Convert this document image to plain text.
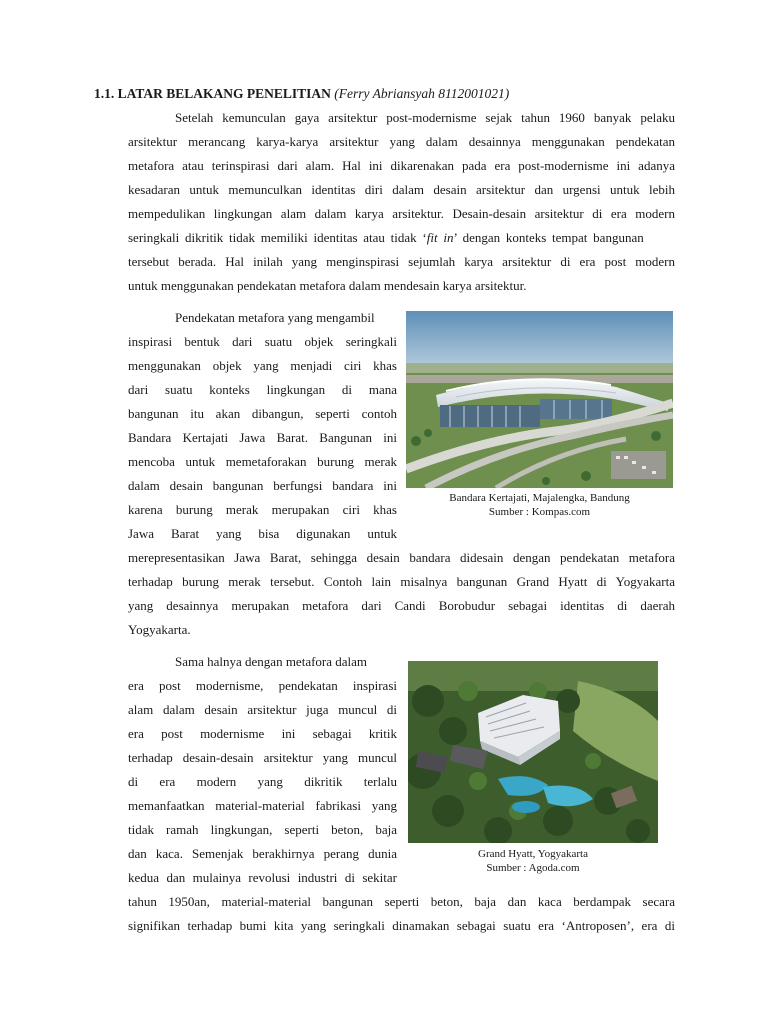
1.1. LATAR BELAKANG PENELITIAN (Ferry Abriansyah 8112001021)
Setelah kemunculan gaya arsitektur post-modernisme sejak tahun 1960 banyak pelaku
arsitektur merancang karya-karya arsitektur yang dalam desainnya menggunakan pendekatan
metafora atau terinspirasi dari alam. Hal ini dikarenakan pada era post-modernisme ini adanya
kesadaran untuk memunculkan identitas diri dalam desain arsitektur dan urgensi untuk lebih
mempedulikan lingkungan alam dalam karya arsitektur. Desain-desain arsitektur di era modern
seringkali dikritik tidak memiliki identitas atau tidak ‘fit in’ dengan konteks tempat bangunan
tersebut berada. Hal inilah yang menginspirasi sejumlah karya arsitektur di era post modern
untuk menggunakan pendekatan metafora dalam mendesain karya arsitektur.
Pendekatan metafora yang mengambil
inspirasi bentuk dari suatu objek seringkali
menggunakan objek yang menjadi ciri khas
dari suatu konteks lingkungan di mana
bangunan itu akan dibangun, seperti contoh
Bandara Kertajati Jawa Barat. Bangunan ini
mencoba untuk memetaforakan burung merak
dalam desain bangunan berfungsi bandara ini
karena burung merak merupakan ciri khas
Jawa Barat yang bisa digunakan untuk
merepresentasikan Jawa Barat, sehingga desain bandara didesain dengan pendekatan metafora
terhadap burung merak tersebut. Contoh lain misalnya bangunan Grand Hyatt di Yogyakarta
yang desainnya merupakan metafora dari Candi Borobudur sebagai identitas di daerah
Yogyakarta.
Bandara Kertajati, Majalengka, Bandung
Sumber : Kompas.com
Sama halnya dengan metafora dalam
era post modernisme, pendekatan inspirasi
alam dalam desain arsitektur juga muncul di
era post modernisme ini sebagai kritik
terhadap desain-desain arsitektur yang muncul
di era modern yang dikritik terlalu
memanfaatkan material-material fabrikasi yang
tidak ramah lingkungan, seperti beton, baja
dan kaca. Semenjak berakhirnya perang dunia
kedua dan mulainya revolusi industri di sekitar
tahun 1950an, material-material bangunan seperti beton, baja dan kaca berdampak secara
signifikan terhadap bumi kita yang seringkali dinamakan sebagai suatu era ‘Antroposen’, era di
Grand Hyatt, Yogyakarta
Sumber : Agoda.com
